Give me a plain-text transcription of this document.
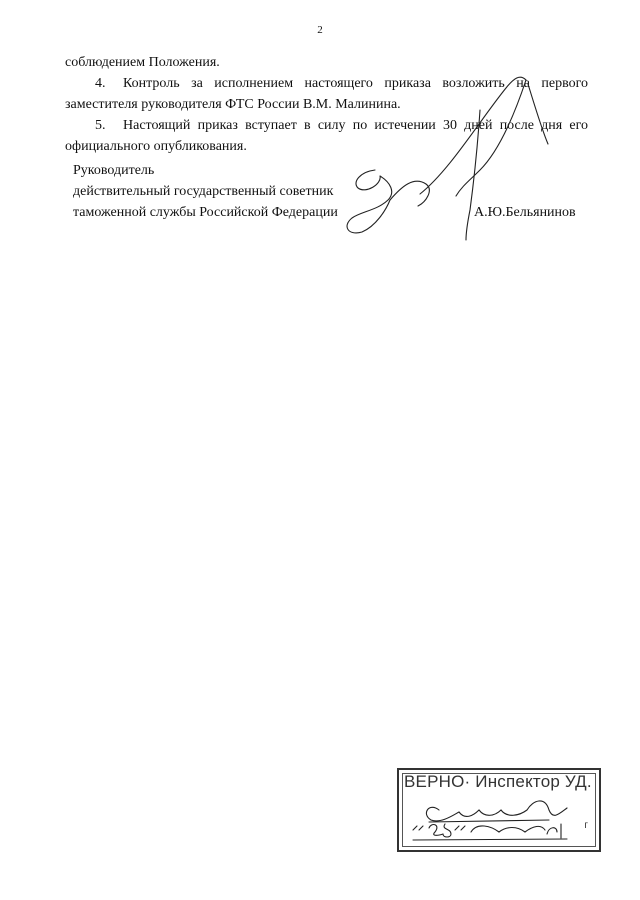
2

соблюдением Положения.

4. Контроль за исполнением настоящего приказа возложить на первого заместителя руководителя ФТС России В.М. Малинина.

5. Настоящий приказ вступает в силу по истечении 30 дней после дня его официального опубликования.

Руководитель
действительный государственный советник
таможенной службы Российской Федерации	А.Ю.Бельянинов
ВЕРНО· Инспектор УД.
г
